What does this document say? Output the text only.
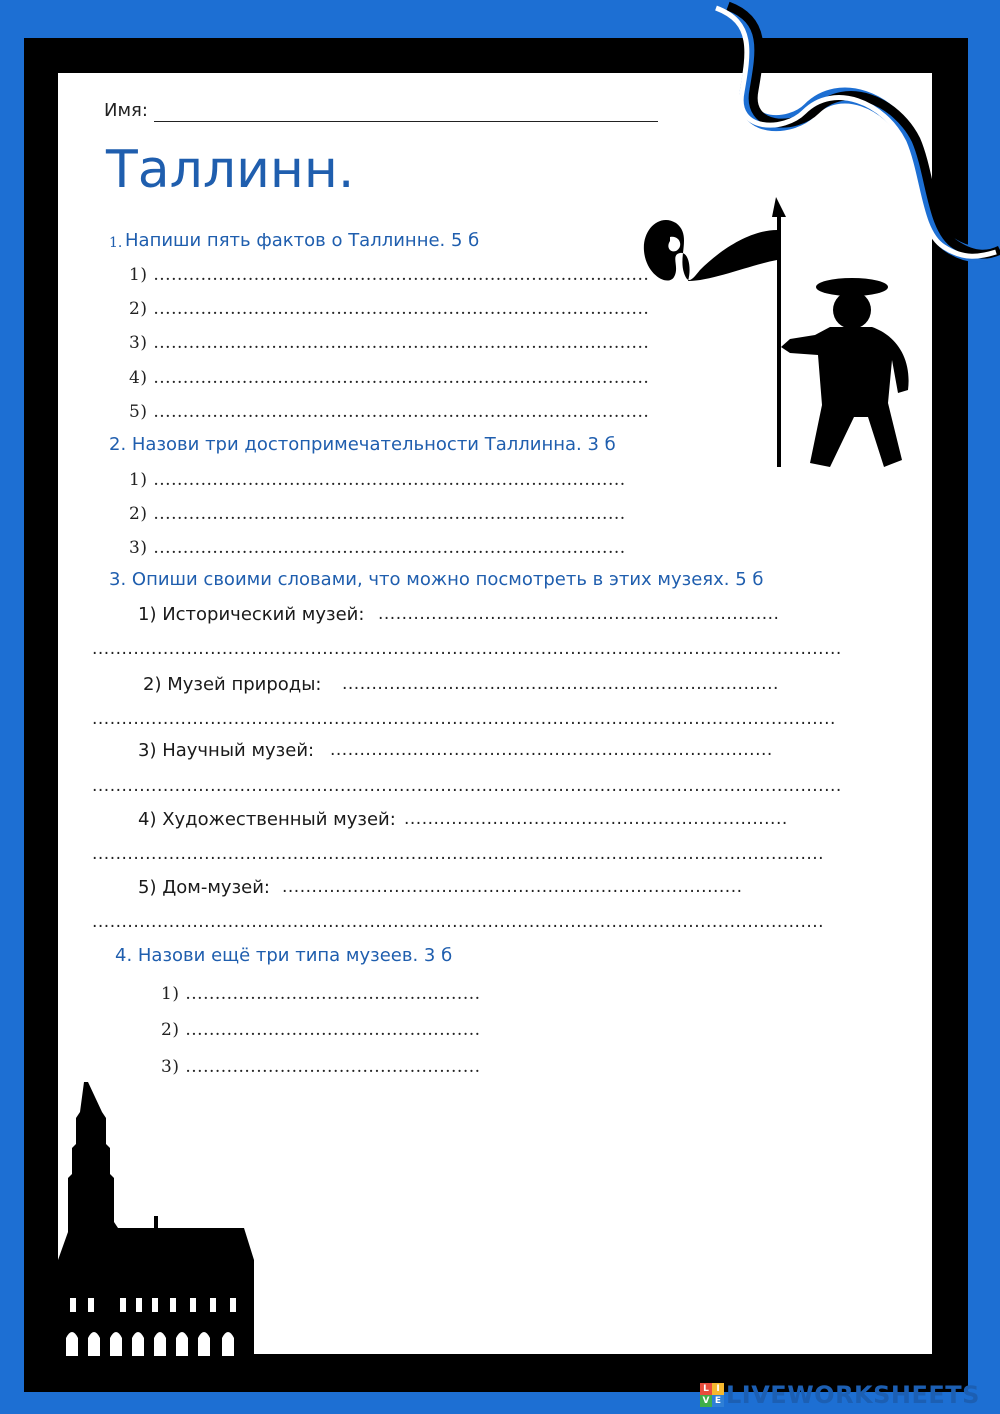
Имя:
Таллинн.
1. Напиши пять фактов о Таллинне. 5 б
1) ....................................................................................
2) ....................................................................................
3) ....................................................................................
4) ....................................................................................
5) ....................................................................................
2. Назови три достопримечательности Таллинна. 3 б
1) ................................................................................
2) ................................................................................
3) ................................................................................
3. Опиши своими словами, что можно посмотреть в этих музеях. 5 б
1) Исторический музей: ....................................................................
...............................................................................................................................
2) Музей природы: ..........................................................................
..............................................................................................................................
3) Научный музей: ...........................................................................
...............................................................................................................................
4) Художественный музей: .................................................................
............................................................................................................................
5) Дом-музей: ..............................................................................
............................................................................................................................
4. Назови ещё три типа музеев. 3 б
1) ..................................................
2) ..................................................
3) ..................................................
L I
V E LIVEWORKSHEETS
